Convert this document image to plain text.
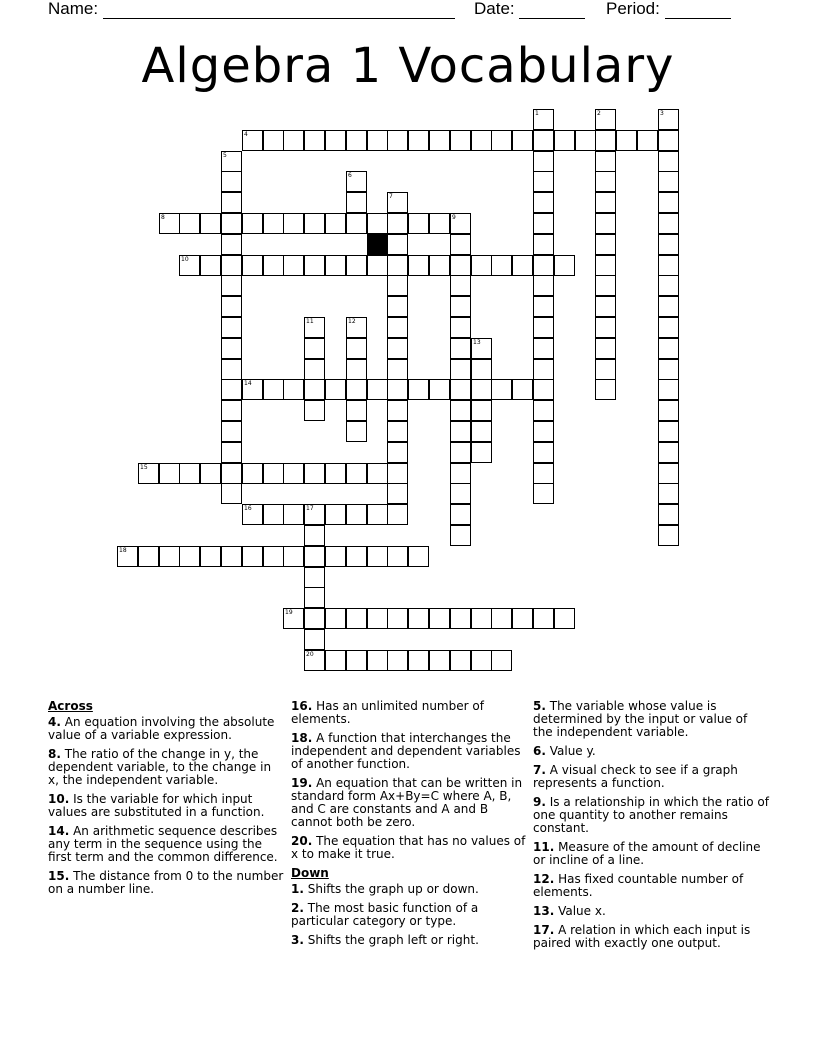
Name:	Date:	Period:
Algebra 1 Vocabulary
4
8	9
10
14
15
16	17
18
19
20
1	2	3
5
6
7
11	12
13
Across
4. An equation involving the absolute value of a variable expression.
8. The ratio of the change in y, the dependent variable, to the change in x, the independent variable.
10. Is the variable for which input values are substituted in a function.
14. An arithmetic sequence describes any term in the sequence using the first term and the common difference.
15. The distance from 0 to the number on a number line.
16. Has an unlimited number of elements.
18. A function that interchanges the independent and dependent variables of another function.
19. An equation that can be written in standard form Ax+By=C where A, B, and C are constants and A and B cannot both be zero.
20. The equation that has no values of x to make it true.
Down
1. Shifts the graph up or down.
2. The most basic function of a particular category or type.
3. Shifts the graph left or right.
5. The variable whose value is determined by the input or value of the independent variable.
6. Value y.
7. A visual check to see if a graph represents a function.
9. Is a relationship in which the ratio of one quantity to another remains constant.
11. Measure of the amount of decline or incline of a line.
12. Has fixed countable number of elements.
13. Value x.
17. A relation in which each input is paired with exactly one output.
